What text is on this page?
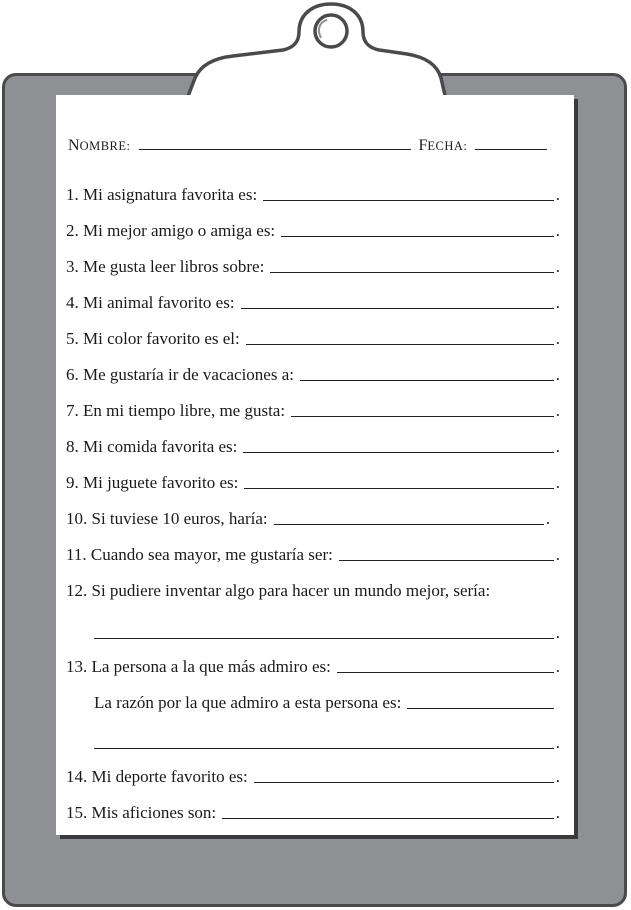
NOMBRE:	FECHA:
1. Mi asignatura favorita es:	.
2. Mi mejor amigo o amiga es:	.
3. Me gusta leer libros sobre:	.
4. Mi animal favorito es:	.
5. Mi color favorito es el:	.
6. Me gustaría ir de vacaciones a:	.
7. En mi tiempo libre, me gusta:	.
8. Mi comida favorita es:	.
9. Mi juguete favorito es:	.
10. Si tuviese 10 euros, haría:	.
11. Cuando sea mayor, me gustaría ser:	.
12. Si pudiere inventar algo para hacer un mundo mejor, sería:
.
13. La persona a la que más admiro es:	.
La razón por la que admiro a esta persona es:
.
14. Mi deporte favorito es:	.
15. Mis aficiones son:	.
